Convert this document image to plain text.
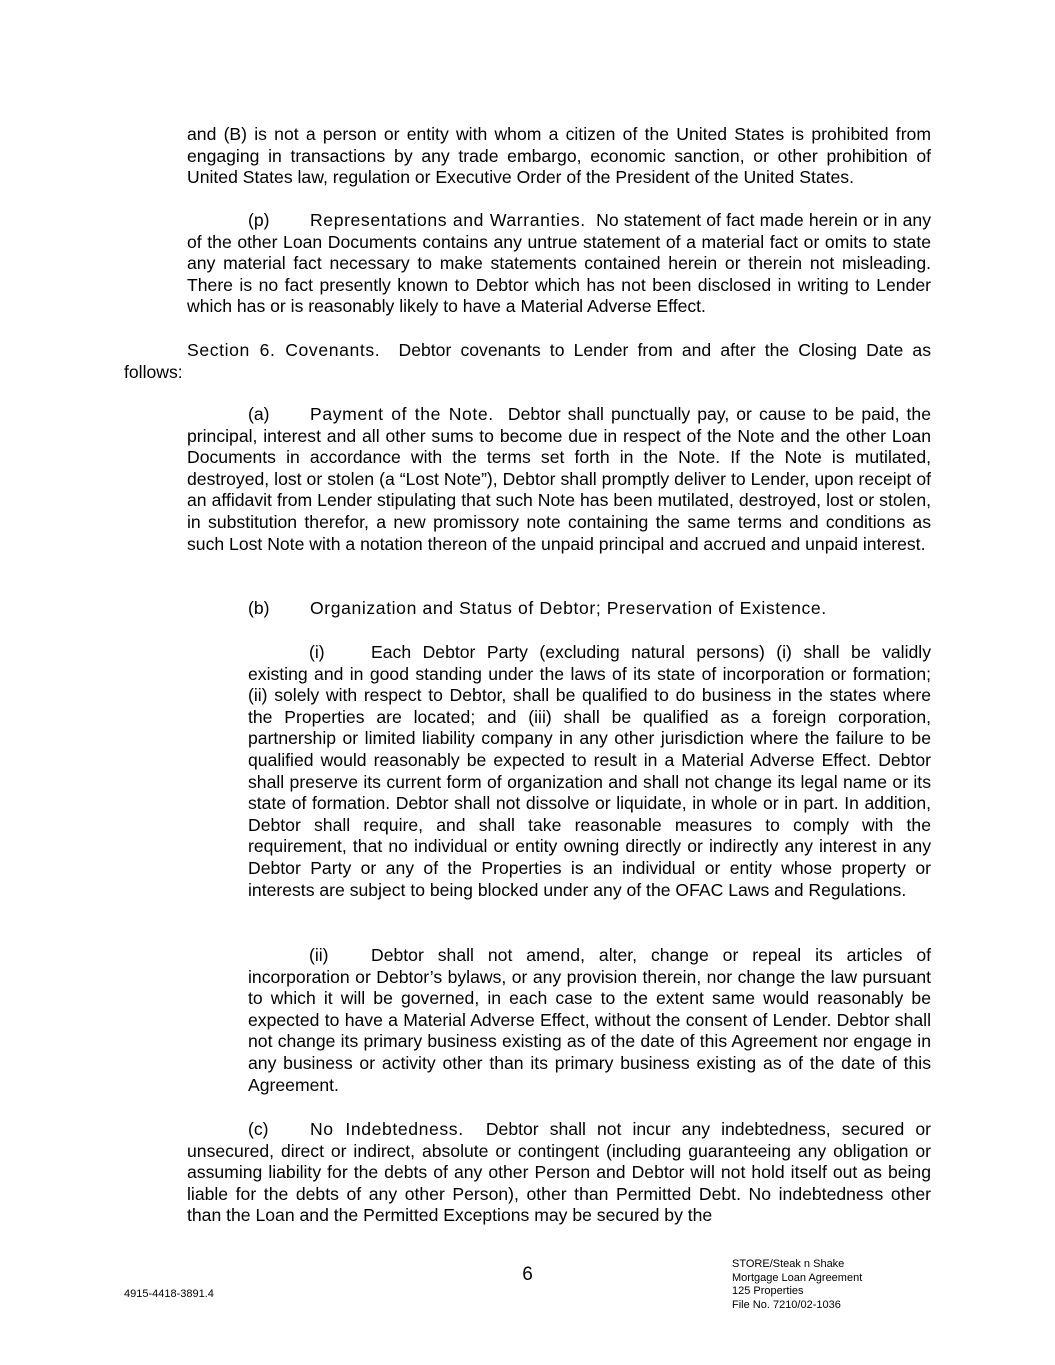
and (B) is not a person or entity with whom a citizen of the United States is prohibited from engaging in transactions by any trade embargo, economic sanction, or other prohibition of United States law, regulation or Executive Order of the President of the United States.
(p) Representations and Warranties. No statement of fact made herein or in any of the other Loan Documents contains any untrue statement of a material fact or omits to state any material fact necessary to make statements contained herein or therein not misleading. There is no fact presently known to Debtor which has not been disclosed in writing to Lender which has or is reasonably likely to have a Material Adverse Effect.
Section 6. Covenants. Debtor covenants to Lender from and after the Closing Date as follows:
(a) Payment of the Note. Debtor shall punctually pay, or cause to be paid, the principal, interest and all other sums to become due in respect of the Note and the other Loan Documents in accordance with the terms set forth in the Note. If the Note is mutilated, destroyed, lost or stolen (a “Lost Note”), Debtor shall promptly deliver to Lender, upon receipt of an affidavit from Lender stipulating that such Note has been mutilated, destroyed, lost or stolen, in substitution therefor, a new promissory note containing the same terms and conditions as such Lost Note with a notation thereon of the unpaid principal and accrued and unpaid interest.
(b) Organization and Status of Debtor; Preservation of Existence.
(i)	Each Debtor Party (excluding natural persons) (i) shall be validly existing and in good standing under the laws of its state of incorporation or formation; (ii) solely with respect to Debtor, shall be qualified to do business in the states where the Properties are located; and (iii) shall be qualified as a foreign corporation, partnership or limited liability company in any other jurisdiction where the failure to be qualified would reasonably be expected to result in a Material Adverse Effect. Debtor shall preserve its current form of organization and shall not change its legal name or its state of formation. Debtor shall not dissolve or liquidate, in whole or in part. In addition, Debtor shall require, and shall take reasonable measures to comply with the requirement, that no individual or entity owning directly or indirectly any interest in any Debtor Party or any of the Properties is an individual or entity whose property or interests are subject to being blocked under any of the OFAC Laws and Regulations.
(ii) Debtor shall not amend, alter, change or repeal its articles of incorporation or Debtor’s bylaws, or any provision therein, nor change the law pursuant to which it will be governed, in each case to the extent same would reasonably be expected to have a Material Adverse Effect, without the consent of Lender. Debtor shall not change its primary business existing as of the date of this Agreement nor engage in any business or activity other than its primary business existing as of the date of this Agreement.
(c) No Indebtedness. Debtor shall not incur any indebtedness, secured or unsecured, direct or indirect, absolute or contingent (including guaranteeing any obligation or assuming liability for the debts of any other Person and Debtor will not hold itself out as being liable for the debts of any other Person), other than Permitted Debt. No indebtedness other than the Loan and the Permitted Exceptions may be secured by the
6
4915-4418-3891.4
STORE/Steak n Shake
Mortgage Loan Agreement
125 Properties
File No. 7210/02-1036
